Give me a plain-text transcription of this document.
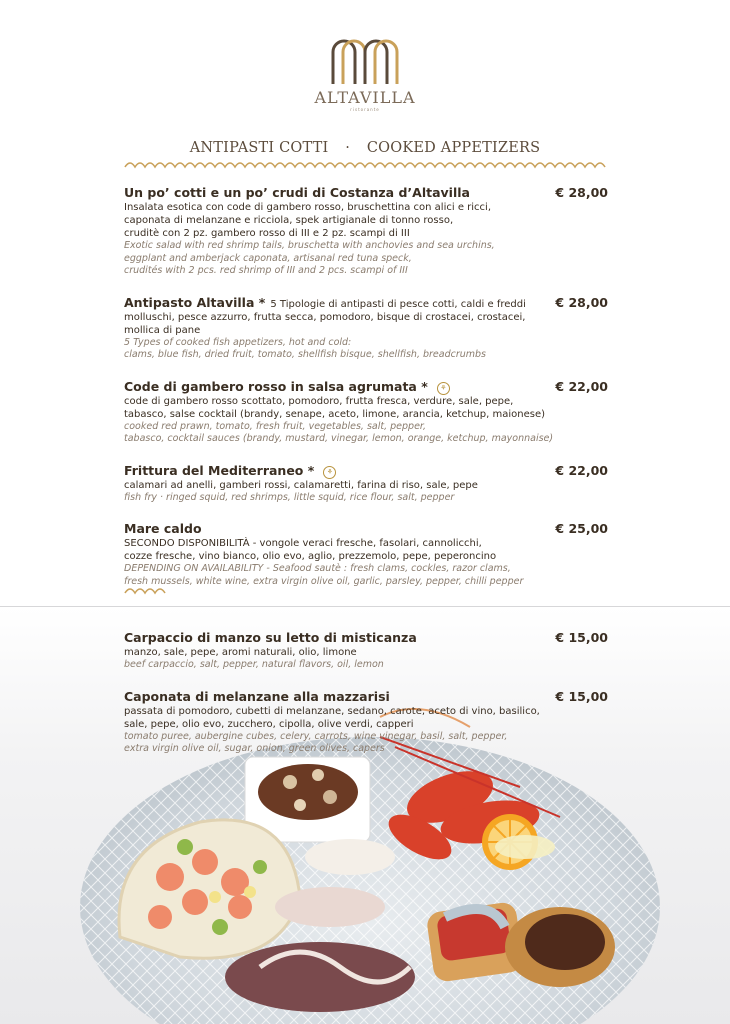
ALTAVILLA
ristorante
ANTIPASTI COTTI · COOKED APPETIZERS
Un po’ cotti e un po’ crudi di Costanza d’Altavilla	€ 28,00
Insalata esotica con code di gambero rosso, bruschettina con alici e ricci,
caponata di melanzane e ricciola, spek artigianale di tonno rosso,
cruditè con 2 pz. gambero rosso di III e 2 pz. scampi di III
Exotic salad with red shrimp tails, bruschetta with anchovies and sea urchins,
eggplant and amberjack caponata, artisanal red tuna speck,
crudités with 2 pcs. red shrimp of III and 2 pcs. scampi of III
Antipasto Altavilla * 5 Tipologie di antipasti di pesce cotti, caldi e freddi	€ 28,00
molluschi, pesce azzurro, frutta secca, pomodoro, bisque di crostacei, crostacei,
mollica di pane
5 Types of cooked fish appetizers, hot and cold:
clams, blue fish, dried fruit, tomato, shellfish bisque, shellfish, breadcrumbs
Code di gambero rosso in salsa agrumata * ⚘	€ 22,00
code di gambero rosso scottato, pomodoro, frutta fresca, verdure, sale, pepe,
tabasco, salse cocktail (brandy, senape, aceto, limone, arancia, ketchup, maionese)
cooked red prawn, tomato, fresh fruit, vegetables, salt, pepper,
tabasco, cocktail sauces (brandy, mustard, vinegar, lemon, orange, ketchup, mayonnaise)
Frittura del Mediterraneo * ⚘	€ 22,00
calamari ad anelli, gamberi rossi, calamaretti, farina di riso, sale, pepe
fish fry · ringed squid, red shrimps, little squid, rice flour, salt, pepper
Mare caldo	€ 25,00
SECONDO DISPONIBILITÀ - vongole veraci fresche, fasolari, cannolicchi,
cozze fresche, vino bianco, olio evo, aglio, prezzemolo, pepe, peperoncino
DEPENDING ON AVAILABILITY - Seafood sautè : fresh clams, cockles, razor clams,
fresh mussels, white wine, extra virgin olive oil, garlic, parsley, pepper, chilli pepper
Carpaccio di manzo su letto di misticanza	€ 15,00
manzo, sale, pepe, aromi naturali, olio, limone
beef carpaccio, salt, pepper, natural flavors, oil, lemon
Caponata di melanzane alla mazzarisi	€ 15,00
passata di pomodoro, cubetti di melanzane, sedano, carote, aceto di vino, basilico,
sale, pepe, olio evo, zucchero, cipolla, olive verdi, capperi
tomato puree, aubergine cubes, celery, carrots, wine vinegar, basil, salt, pepper,
extra virgin olive oil, sugar, onion, green olives, capers
